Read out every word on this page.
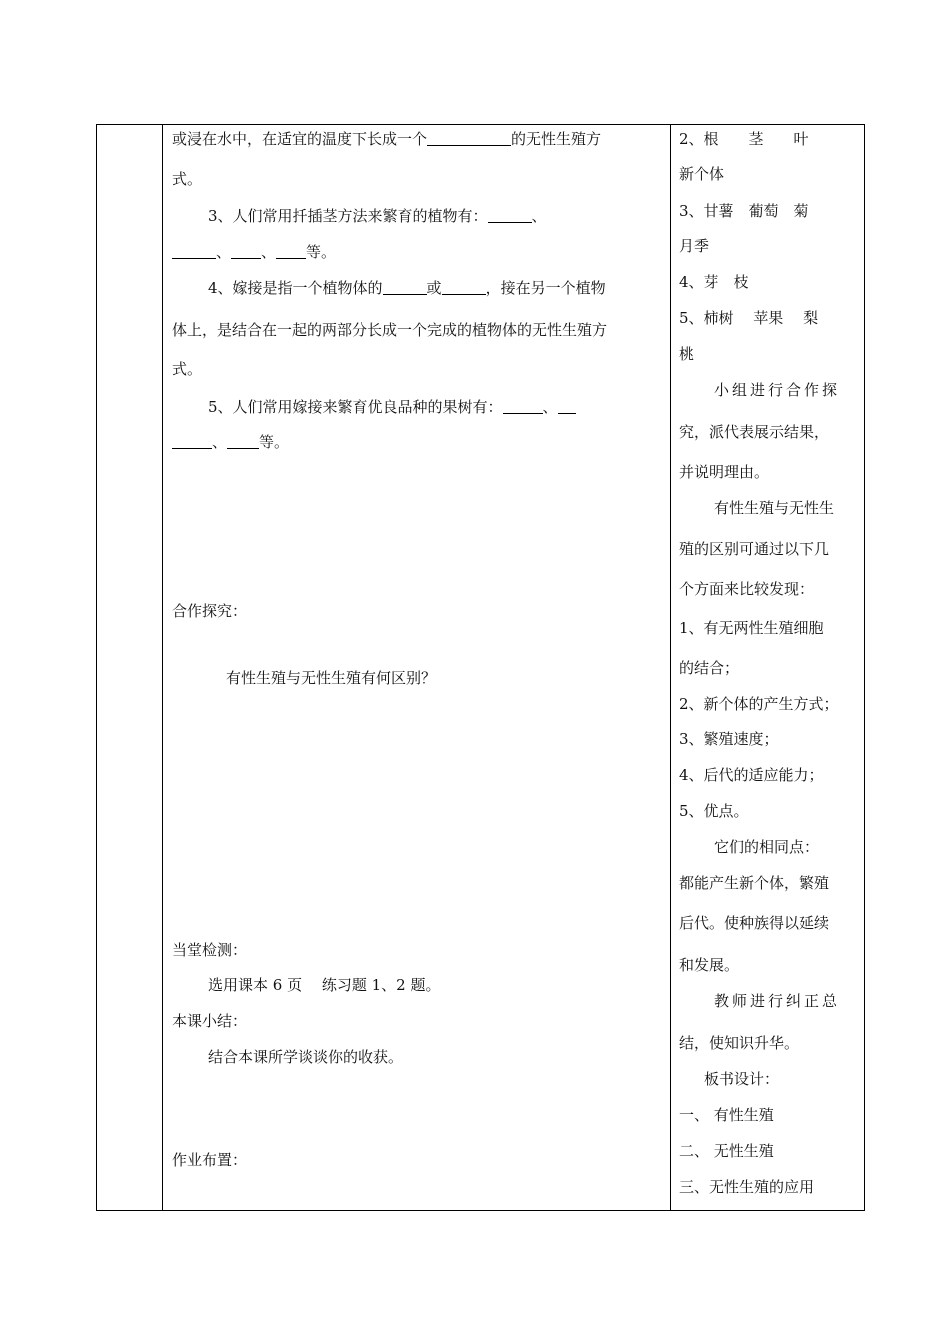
或浸在水中，在适宜的温度下长成一个	的无性生殖方
式。
3、人们常用扦插茎方法来繁育的植物有：	、
、 、 等。
4、嫁接是指一个植物体的	或	，接在另一个植物
体上，是结合在一起的两部分长成一个完成的植物体的无性生殖方
式。
5、人们常用嫁接来繁育优良品种的果树有：	、
、 等。
合作探究：
有性生殖与无性生殖有何区别？
当堂检测：
选用课本 6 页　 练习题 1、2 题。
本课小结：
结合本课所学谈谈你的收获。
作业布置：
2、根　　茎　　叶
新个体
3、甘薯　葡萄　菊
月季
4、芽　枝
5、柿树　 苹果　 梨
桃
小组进行合作探
究，派代表展示结果，
并说明理由。
有性生殖与无性生
殖的区别可通过以下几
个方面来比较发现：
1、有无两性生殖细胞
的结合；
2、新个体的产生方式；
3、繁殖速度；
4、后代的适应能力；
5、优点。
它们的相同点：
都能产生新个体，繁殖
后代。使种族得以延续
和发展。
教师进行纠正总
结，使知识升华。
板书设计：
一、 有性生殖
二、 无性生殖
三、无性生殖的应用
